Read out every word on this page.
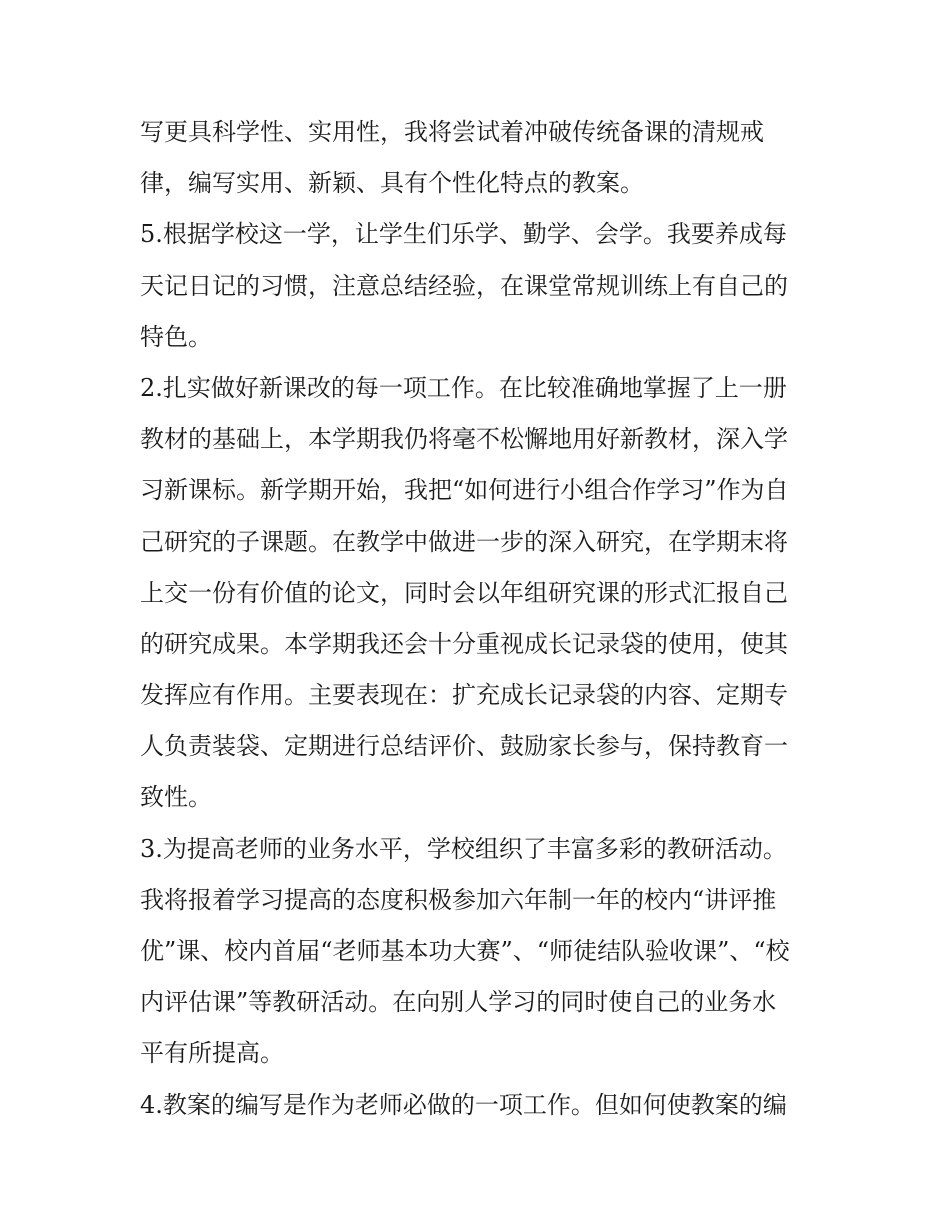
写更具科学性、实用性，我将尝试着冲破传统备课的清规戒

律，编写实用、新颖、具有个性化特点的教案。

5.根据学校这一学，让学生们乐学、勤学、会学。我要养成每

天记日记的习惯，注意总结经验，在课堂常规训练上有自己的

特色。

2.扎实做好新课改的每一项工作。在比较准确地掌握了上一册

教材的基础上，本学期我仍将毫不松懈地用好新教材，深入学

习新课标。新学期开始，我把“如何进行小组合作学习”作为自

己研究的子课题。在教学中做进一步的深入研究，在学期末将

上交一份有价值的论文，同时会以年组研究课的形式汇报自己

的研究成果。本学期我还会十分重视成长记录袋的使用，使其

发挥应有作用。主要表现在：扩充成长记录袋的内容、定期专

人负责装袋、定期进行总结评价、鼓励家长参与，保持教育一

致性。

3.为提高老师的业务水平，学校组织了丰富多彩的教研活动。

我将报着学习提高的态度积极参加六年制一年的校内“讲评推

优”课、校内首届“老师基本功大赛”、“师徒结队验收课”、“校

内评估课”等教研活动。在向别人学习的同时使自己的业务水

平有所提高。

4.教案的编写是作为老师必做的一项工作。但如何使教案的编
